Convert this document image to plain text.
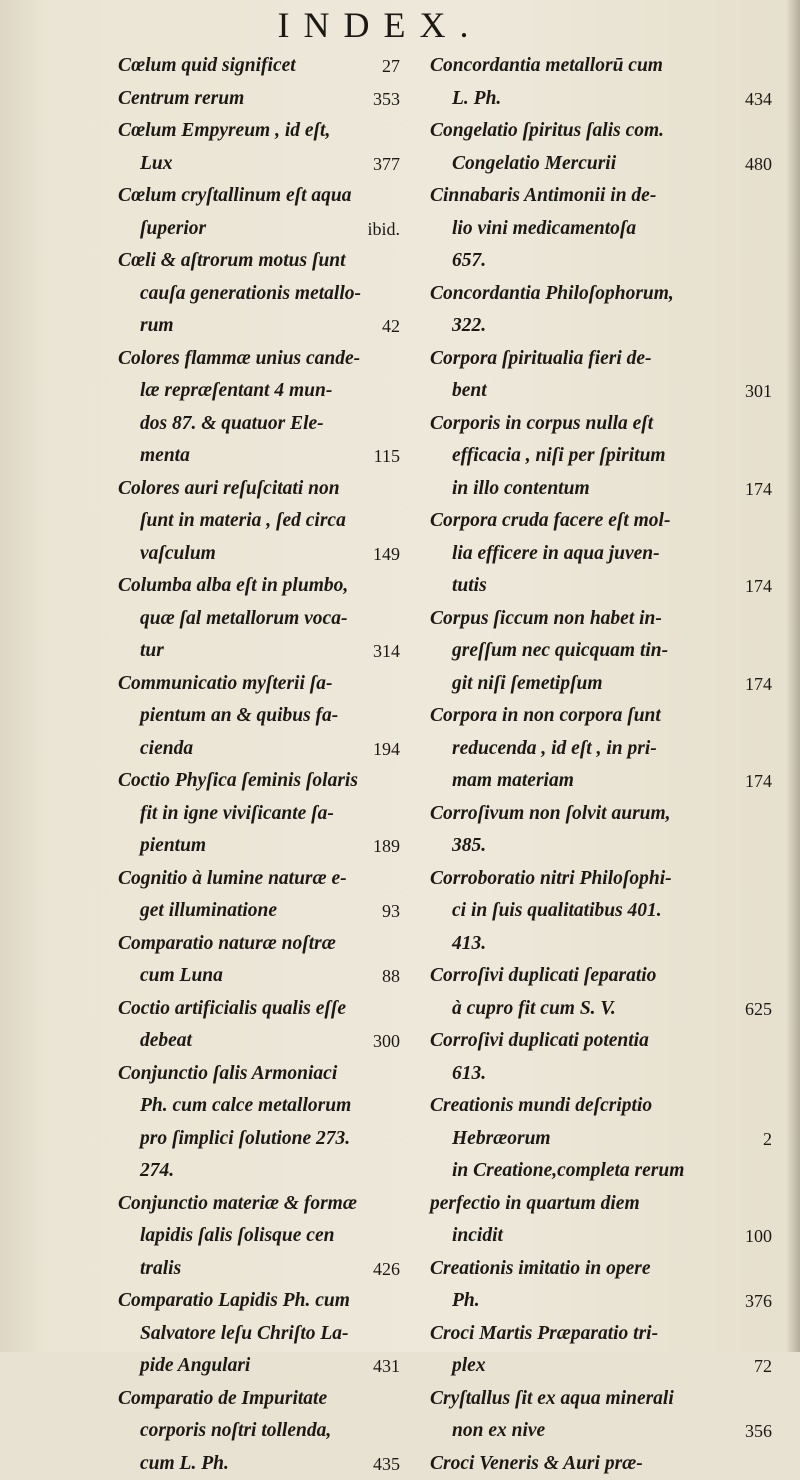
INDEX.
Cœlum quid significet	27
Centrum rerum	353
Cœlum Empyreum , id eſt,
Lux	377
Cœlum cryſtallinum eſt aqua
ſuperior	ibid.
Cœli & aſtrorum motus ſunt
cauſa generationis metallo-
rum	42
Colores flammæ unius cande-
læ repræſentant 4 mun-
dos 87. & quatuor Ele-
menta	115
Colores auri reſuſcitati non
ſunt in materia , ſed circa
vaſculum	149
Columba alba eſt in plumbo,
quæ ſal metallorum voca-
tur	314
Communicatio myſterii ſa-
pientum an & quibus fa-
cienda	194
Coctio Phyſica ſeminis ſolaris
fit in igne viviſicante ſa-
pientum	189
Cognitio à lumine naturæ e-
get illuminatione	93
Comparatio naturæ noſtræ
cum Luna	88
Coctio artificialis qualis eſſe
debeat	300
Conjunctio ſalis Armoniaci
Ph. cum calce metallorum
pro ſimplici ſolutione 273.
274.
Conjunctio materiæ & formæ
lapidis ſalis ſolisque cen
tralis	426
Comparatio Lapidis Ph. cum
Salvatore leſu Chriſto La-
pide Angulari	431
Comparatio de Impuritate
corporis noſtri tollenda,
cum L. Ph.	435
Concordantia metallorū cum
L. Ph.	434
Congelatio ſpiritus ſalis com.
Congelatio Mercurii	480
Cinnabaris Antimonii in de-
lio vini medicamentoſa
657.
Concordantia Philoſophorum,
322.
Corpora ſpiritualia fieri de-
bent	301
Corporis in corpus nulla eſt
efficacia , niſi per ſpiritum
in illo contentum	174
Corpora cruda facere eſt mol-
lia efficere in aqua juven-
tutis	174
Corpus ſiccum non habet in-
greſſum nec quicquam tin-
git niſi ſemetipſum	174
Corpora in non corpora ſunt
reducenda , id eſt , in pri-
mam materiam	174
Corroſivum non ſolvit aurum,
385.
Corroboratio nitri Philoſophi-
ci in ſuis qualitatibus 401.
413.
Corroſivi duplicati ſeparatio
à cupro fit cum S. V.	625
Corroſivi duplicati potentia
613.
Creationis mundi deſcriptio
Hebræorum	2
in Creatione,completa rerum
perfectio in quartum diem
incidit	100
Creationis imitatio in opere
Ph.	376
Croci Martis Præparatio tri-
plex	72
Cryſtallus ſit ex aqua minerali
non ex nive	356
Croci Veneris & Auri præ-
